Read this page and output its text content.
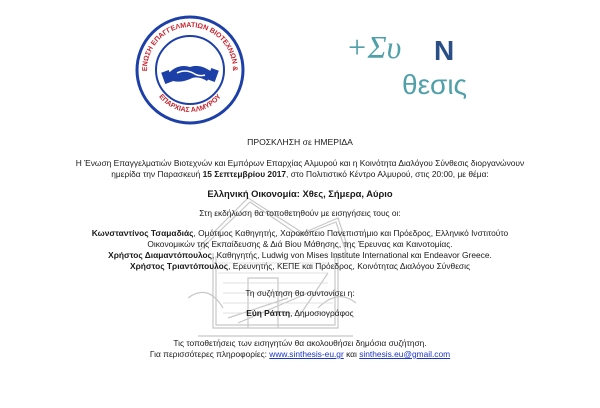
ΕΝΩΣΗ ΕΠΑΓΓΕΛΜΑΤΙΩΝ ΒΙΟΤΕΧΝΩΝ &
ΕΠΑΡΧΙΑΣ ΑΛΜΥΡΟΥ
+Συ Ν
θεσις
ΠΡΟΣΚΛΗΣΗ σε ΗΜΕΡΙΔΑ
Η Ένωση Επαγγελματιών Βιοτεχνών και Εμπόρων Επαρχίας Αλμυρού και η Κοινότητα Διαλόγου Σύνθεσις διοργανώνουν
ημερίδα την Παρασκευή 15 Σεπτεμβρίου 2017, στο Πολιτιστικό Κέντρο Αλμυρού, στις 20:00, με θέμα:
Ελληνική Οικονομία: Χθες, Σήμερα, Αύριο
Στη εκδήλωση θα τοποθετηθούν με εισηγήσεις τους οι:
Κωνσταντίνος Τσαμαδιάς, Ομότιμος Καθηγητής, Χαροκόπειο Πανεπιστήμιο και Πρόεδρος, Ελληνικό Ινστιτούτο
Οικονομικών της Εκπαίδευσης & Διά Βίου Μάθησης, της Έρευνας και Καινοτομίας.
Χρήστος Διαμαντόπουλος, Καθηγητής, Ludwig von Mises Institute International και Endeavor Greece.
Χρήστος Τριαντόπουλος, Ερευνητής, ΚΕΠΕ και Πρόεδρος, Κοινότητας Διαλόγου Σύνθεσις
Τη συζήτηση θα συντονίσει η:
Εύη Ράπτη, Δημοσιογράφος
Τις τοποθετήσεις των εισηγητών θα ακολουθήσει δημόσια συζήτηση.
Για περισσότερες πληροφορίες: www.sinthesis-eu.gr και sinthesis.eu@gmail.com
